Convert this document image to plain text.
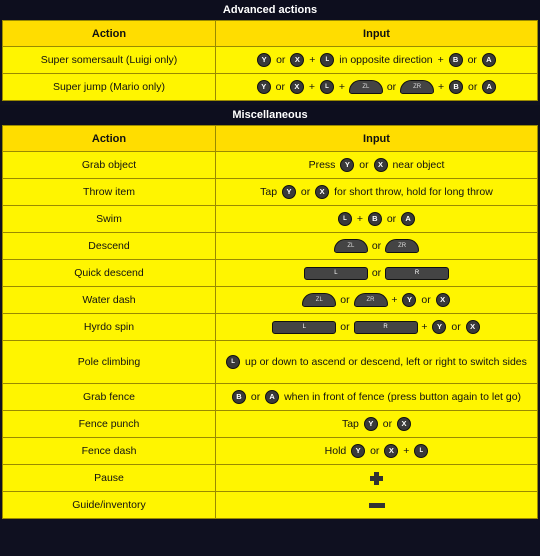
Advanced actions
Action	Input
Super somersault (Luigi only)	Y or X + L in opposite direction + B or A
Super jump (Mario only)	Y or X + L + ZL or ZR + B or A
Miscellaneous
Action	Input
Grab object	Press Y or X near object
Throw item	Tap Y or X for short throw, hold for long throw
Swim	L + B or A
Descend	ZL or ZR
Quick descend	L or R
Water dash	ZL or ZR + Y or X
Hyrdo spin	L or R + Y or X
Pole climbing	L up or down to ascend or descend, left or right to switch sides
Grab fence	B or A when in front of fence (press button again to let go)
Fence punch	Tap Y or X
Fence dash	Hold Y or X + L
Pause	
Guide/inventory	
